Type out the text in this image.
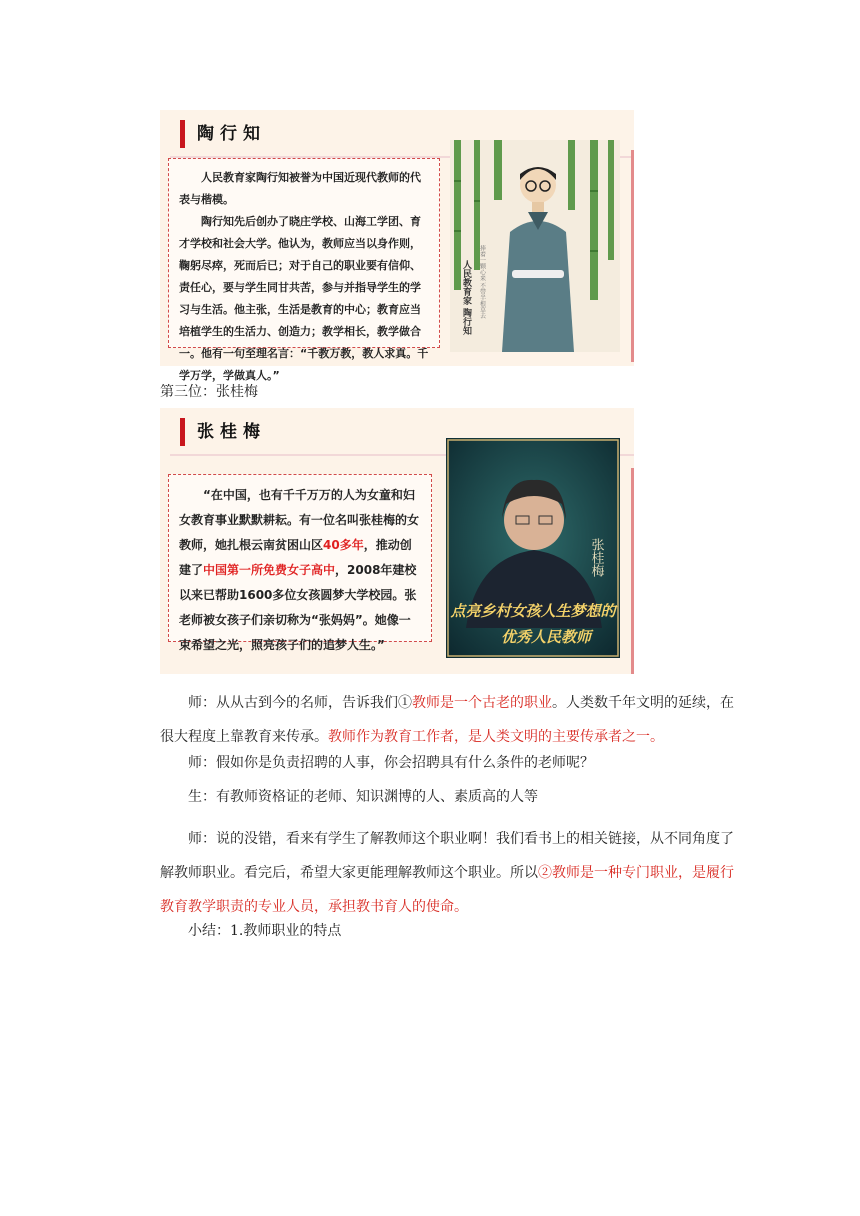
陶行知

人民教育家陶行知被誉为中国近现代教师的代表与楷模。

陶行知先后创办了晓庄学校、山海工学团、育才学校和社会大学。他认为，教师应当以身作则，鞠躬尽瘁，死而后已；对于自己的职业要有信仰、责任心，要与学生同甘共苦，参与并指导学生的学习与生活。他主张，生活是教育的中心；教育应当培植学生的生活力、创造力；教学相长，教学做合一。他有一句至理名言：“千教万教，教人求真。千学万学，学做真人。”

人民教育家 陶行知 捧着一颗心来 不带半根草去

第三位：张桂梅

张桂梅

“在中国，也有千千万万的人为女童和妇女教育事业默默耕耘。有一位名叫张桂梅的女教师，她扎根云南贫困山区40多年，推动创建了中国第一所免费女子高中，2008年建校以来已帮助1600多位女孩圆梦大学校园。张老师被女孩子们亲切称为“张妈妈”。她像一束希望之光，照亮孩子们的追梦人生。”

张桂梅
点亮乡村女孩人生梦想的
优秀人民教师

师：从从古到今的名师，告诉我们①教师是一个古老的职业。人类数千年文明的延续，在很大程度上靠教育来传承。教师作为教育工作者，是人类文明的主要传承者之一。

师：假如你是负责招聘的人事，你会招聘具有什么条件的老师呢？

生：有教师资格证的老师、知识渊博的人、素质高的人等

师：说的没错，看来有学生了解教师这个职业啊！我们看书上的相关链接，从不同角度了解教师职业。看完后，希望大家更能理解教师这个职业。所以②教师是一种专门职业，是履行教育教学职责的专业人员，承担教书育人的使命。

小结：1.教师职业的特点
